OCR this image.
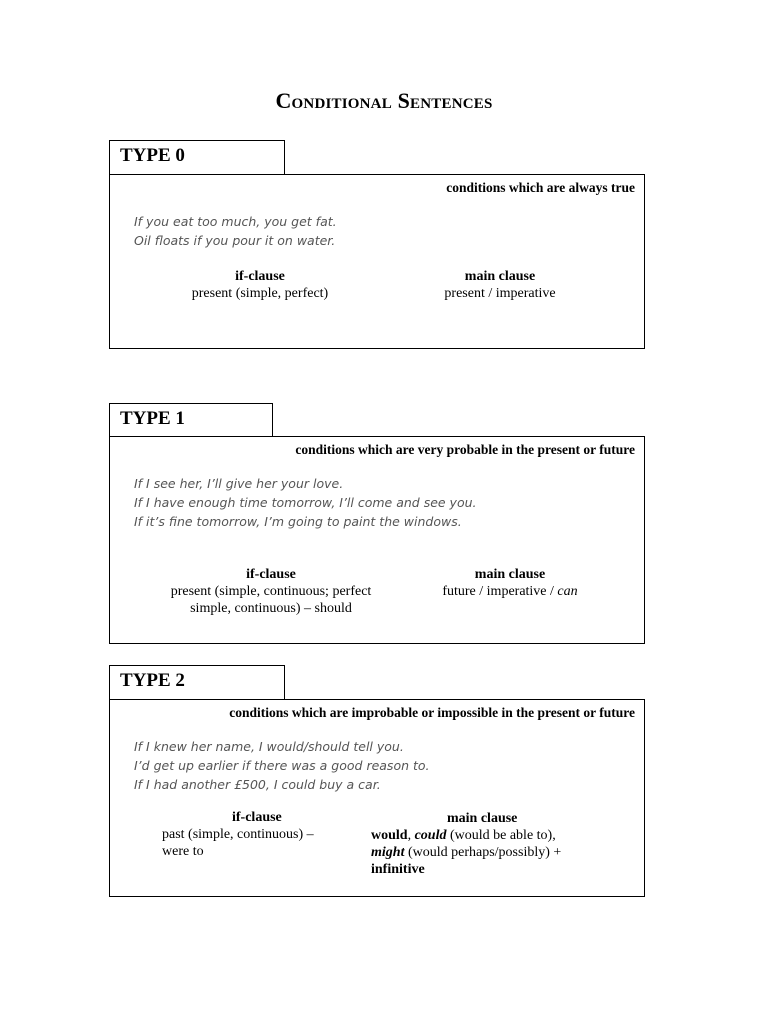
Conditional Sentences
TYPE 0
conditions which are always true
If you eat too much, you get fat.
Oil floats if you pour it on water.
if-clause
present (simple, perfect)
main clause
present / imperative
TYPE 1
conditions which are very probable in the present or future
If I see her, I’ll give her your love.
If I have enough time tomorrow, I’ll come and see you.
If it’s fine tomorrow, I’m going to paint the windows.
if-clause
present (simple, continuous; perfect
simple, continuous) – should
main clause
future / imperative / can
TYPE 2
conditions which are improbable or impossible in the present or future
If I knew her name, I would/should tell you.
I’d get up earlier if there was a good reason to.
If I had another £500, I could buy a car.
if-clause
past (simple, continuous) –
were to
main clause
would, could (would be able to),
might (would perhaps/possibly) +
infinitive
